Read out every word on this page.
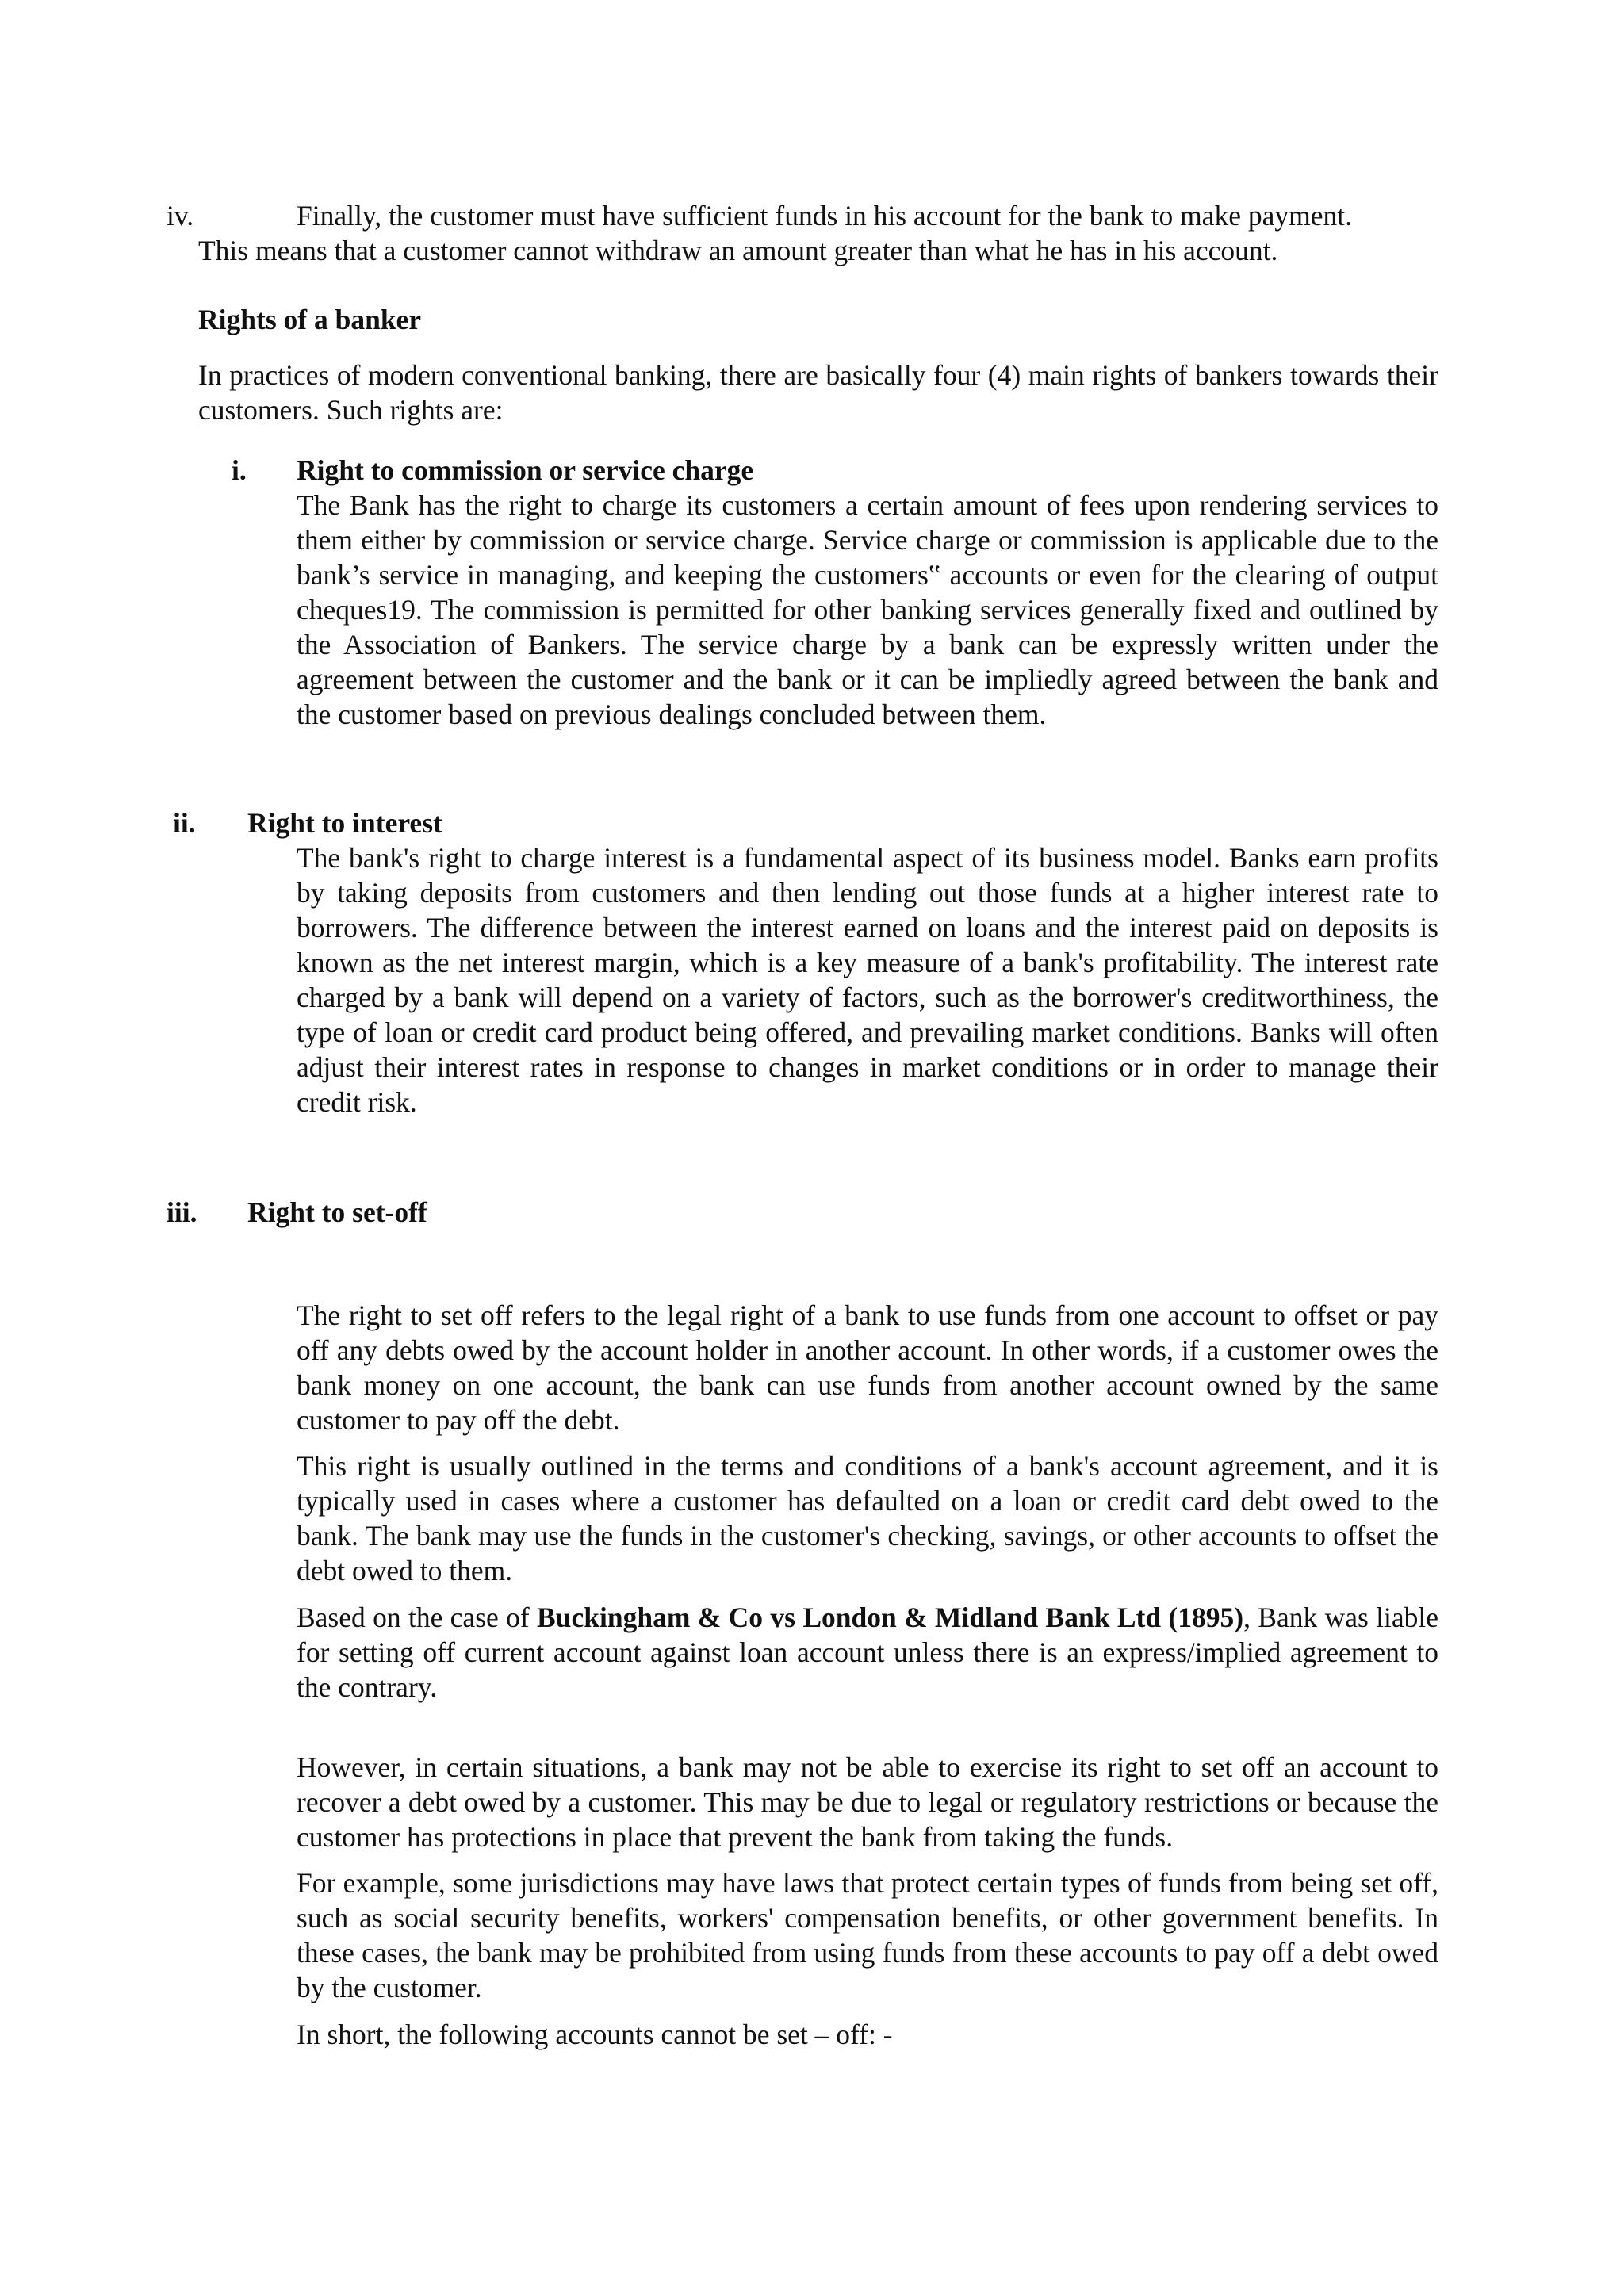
iv.	Finally, the customer must have sufficient funds in his account for the bank to make payment.
This means that a customer cannot withdraw an amount greater than what he has in his account.
Rights of a banker

In practices of modern conventional banking, there are basically four (4) main rights of bankers towards their customers. Such rights are:

i. Right to commission or service charge

The Bank has the right to charge its customers a certain amount of fees upon rendering services to them either by commission or service charge. Service charge or commission is applicable due to the bank’s service in managing, and keeping the customers‟ accounts or even for the clearing of output cheques19. The commission is permitted for other banking services generally fixed and outlined by the Association of Bankers. The service charge by a bank can be expressly written under the agreement between the customer and the bank or it can be impliedly agreed between the bank and the customer based on previous dealings concluded between them.

ii. Right to interest

The bank's right to charge interest is a fundamental aspect of its business model. Banks earn profits by taking deposits from customers and then lending out those funds at a higher interest rate to borrowers. The difference between the interest earned on loans and the interest paid on deposits is known as the net interest margin, which is a key measure of a bank's profitability. The interest rate charged by a bank will depend on a variety of factors, such as the borrower's creditworthiness, the type of loan or credit card product being offered, and prevailing market conditions. Banks will often adjust their interest rates in response to changes in market conditions or in order to manage their credit risk.

iii. Right to set-off

The right to set off refers to the legal right of a bank to use funds from one account to offset or pay off any debts owed by the account holder in another account. In other words, if a customer owes the bank money on one account, the bank can use funds from another account owned by the same customer to pay off the debt.

This right is usually outlined in the terms and conditions of a bank's account agreement, and it is typically used in cases where a customer has defaulted on a loan or credit card debt owed to the bank. The bank may use the funds in the customer's checking, savings, or other accounts to offset the debt owed to them.

Based on the case of Buckingham & Co vs London & Midland Bank Ltd (1895), Bank was liable for setting off current account against loan account unless there is an express/implied agreement to the contrary.

However, in certain situations, a bank may not be able to exercise its right to set off an account to recover a debt owed by a customer. This may be due to legal or regulatory restrictions or because the customer has protections in place that prevent the bank from taking the funds.

For example, some jurisdictions may have laws that protect certain types of funds from being set off, such as social security benefits, workers' compensation benefits, or other government benefits. In these cases, the bank may be prohibited from using funds from these accounts to pay off a debt owed by the customer.

In short, the following accounts cannot be set – off: -
